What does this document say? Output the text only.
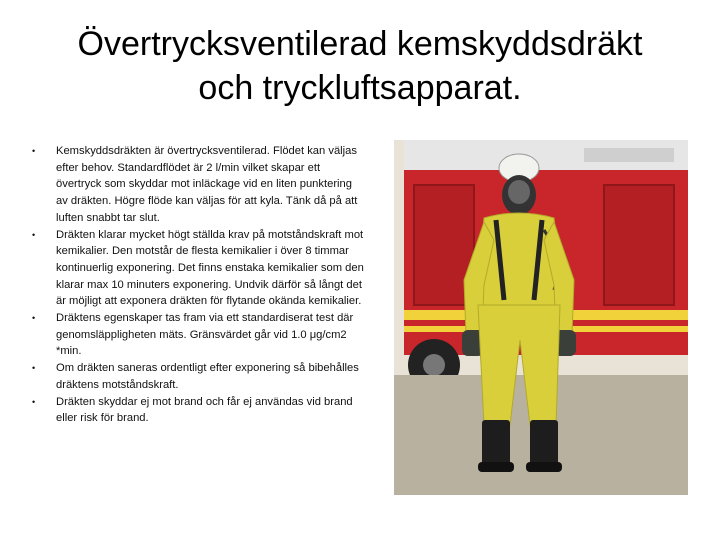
Övertrycksventilerad kemskyddsdräkt
och tryckluftsapparat.
• Kemskyddsdräkten är övertrycksventilerad. Flödet kan väljas efter behov. Standardflödet är 2 l/min vilket skapar ett övertryck som skyddar mot inläckage vid en liten punktering av dräkten. Högre flöde kan väljas för att kyla. Tänk då på att luften snabbt tar slut.
• Dräkten klarar mycket högt ställda krav på motståndskraft mot kemikalier. Den motstår de flesta kemikalier i över 8 timmar kontinuerlig exponering. Det finns enstaka kemikalier som den klarar max 10 minuters exponering. Undvik därför så långt det är möjligt att exponera dräkten för flytande okända kemikalier.
• Dräktens egenskaper tas fram via ett standardiserat test där genomsläppligheten mäts. Gränsvärdet går vid 1.0 μg/cm2 *min.
• Om dräkten saneras ordentligt efter exponering så bibehålles dräktens motståndskraft.
• Dräkten skyddar ej mot brand och får ej användas vid brand eller risk för brand.
